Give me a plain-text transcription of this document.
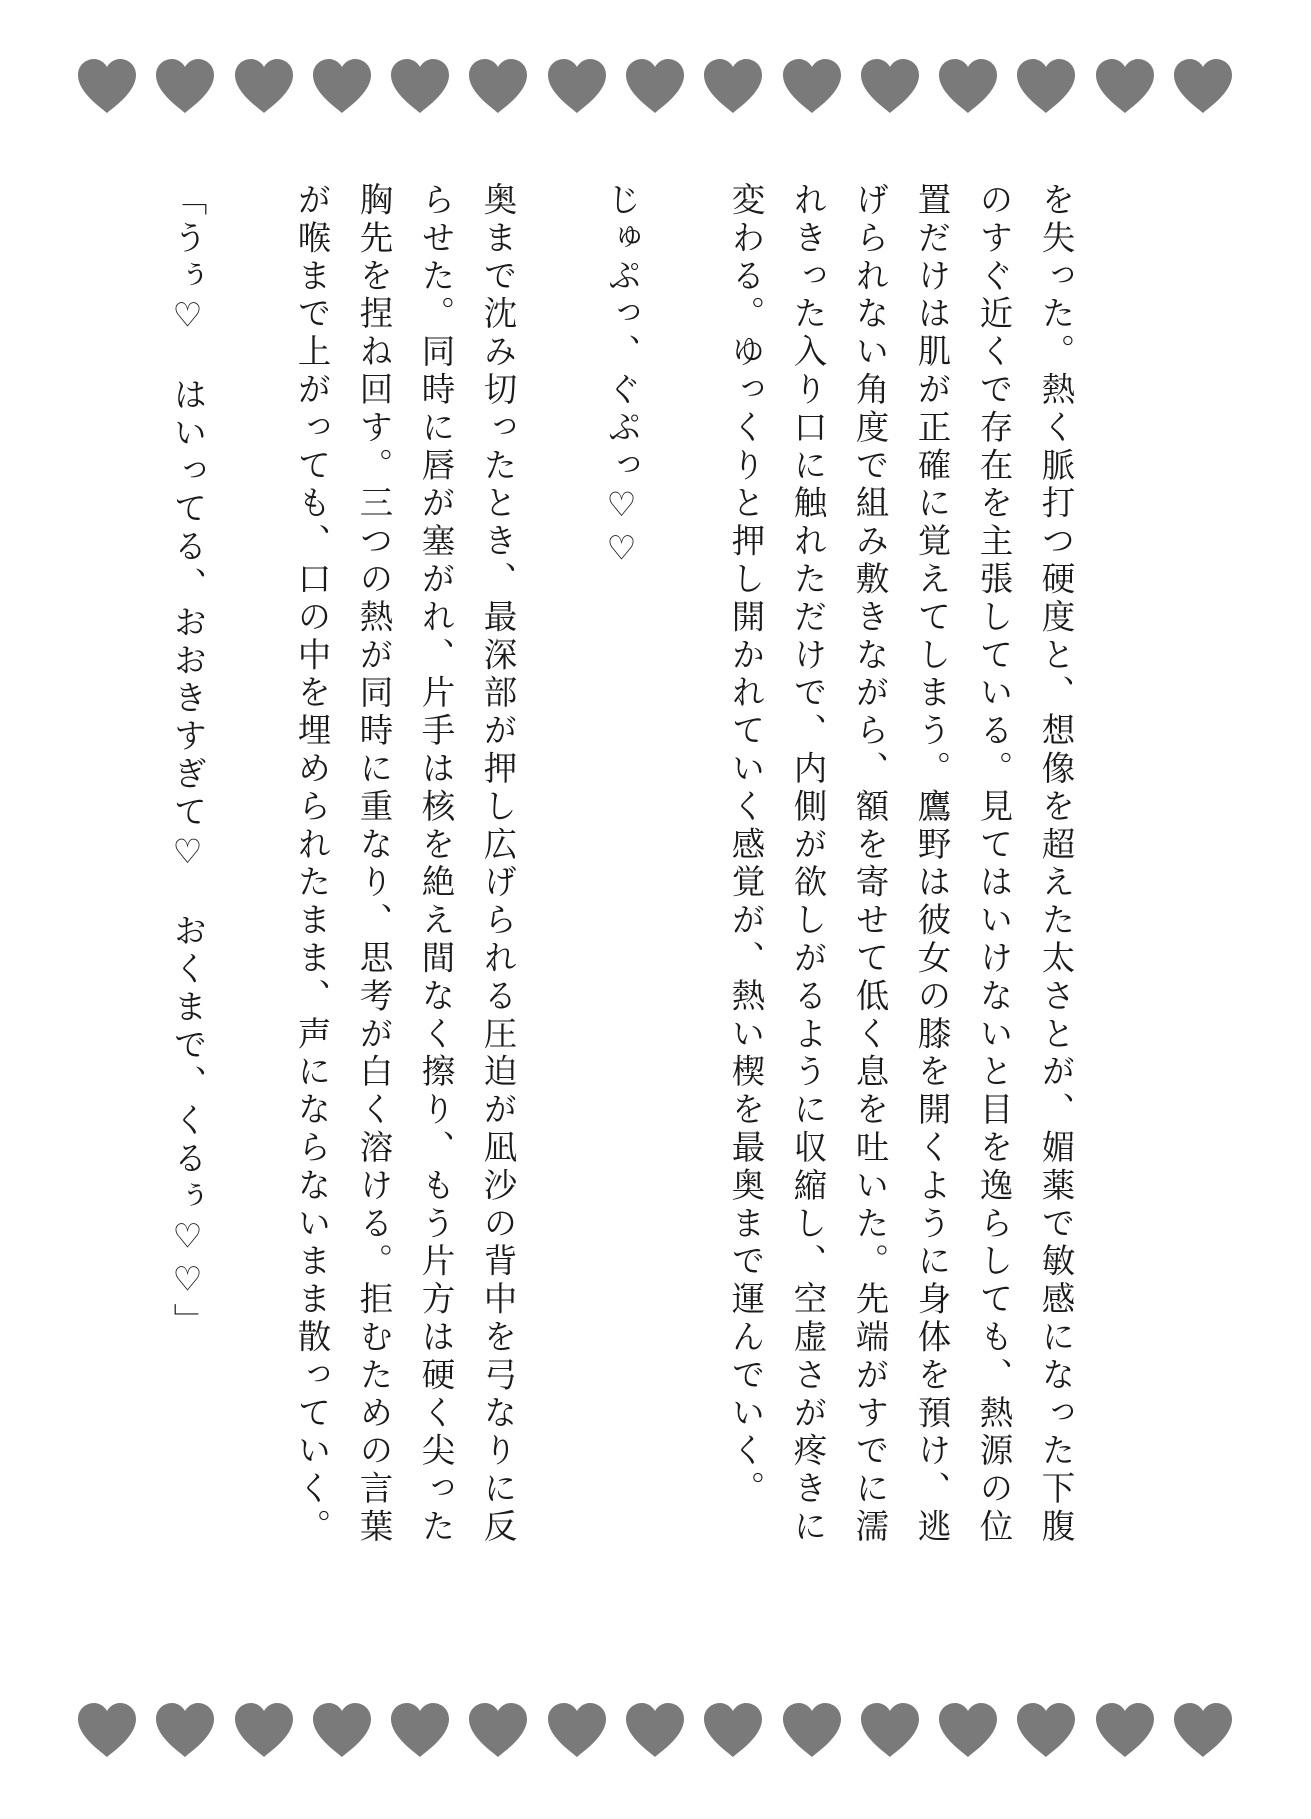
を失った。熱く脈打つ硬度と、想像を超えた太さとが、媚薬で敏感になった下腹のすぐ近くで存在を主張している。見てはいけないと目を逸らしても、熱源の位置だけは肌が正確に覚えてしまう。鷹野は彼女の膝を開くように身体を預け、逃げられない角度で組み敷きながら、額を寄せて低く息を吐いた。先端がすでに濡れきった入り口に触れただけで、内側が欲しがるように収縮し、空虚さが疼きに変わる。ゆっくりと押し開かれていく感覚が、熱い楔を最奥まで運んでいく。

じゅぷっ、ぐぷっ♡♡

奥まで沈み切ったとき、最深部が押し広げられる圧迫が凪沙の背中を弓なりに反らせた。同時に唇が塞がれ、片手は核を絶え間なく擦り、もう片方は硬く尖った胸先を捏ね回す。三つの熱が同時に重なり、思考が白く溶ける。拒むための言葉が喉まで上がっても、口の中を埋められたまま、声にならないまま散っていく。

「うぅ♡　はいってる、おおきすぎて♡　おくまで、くるぅ♡♡」
